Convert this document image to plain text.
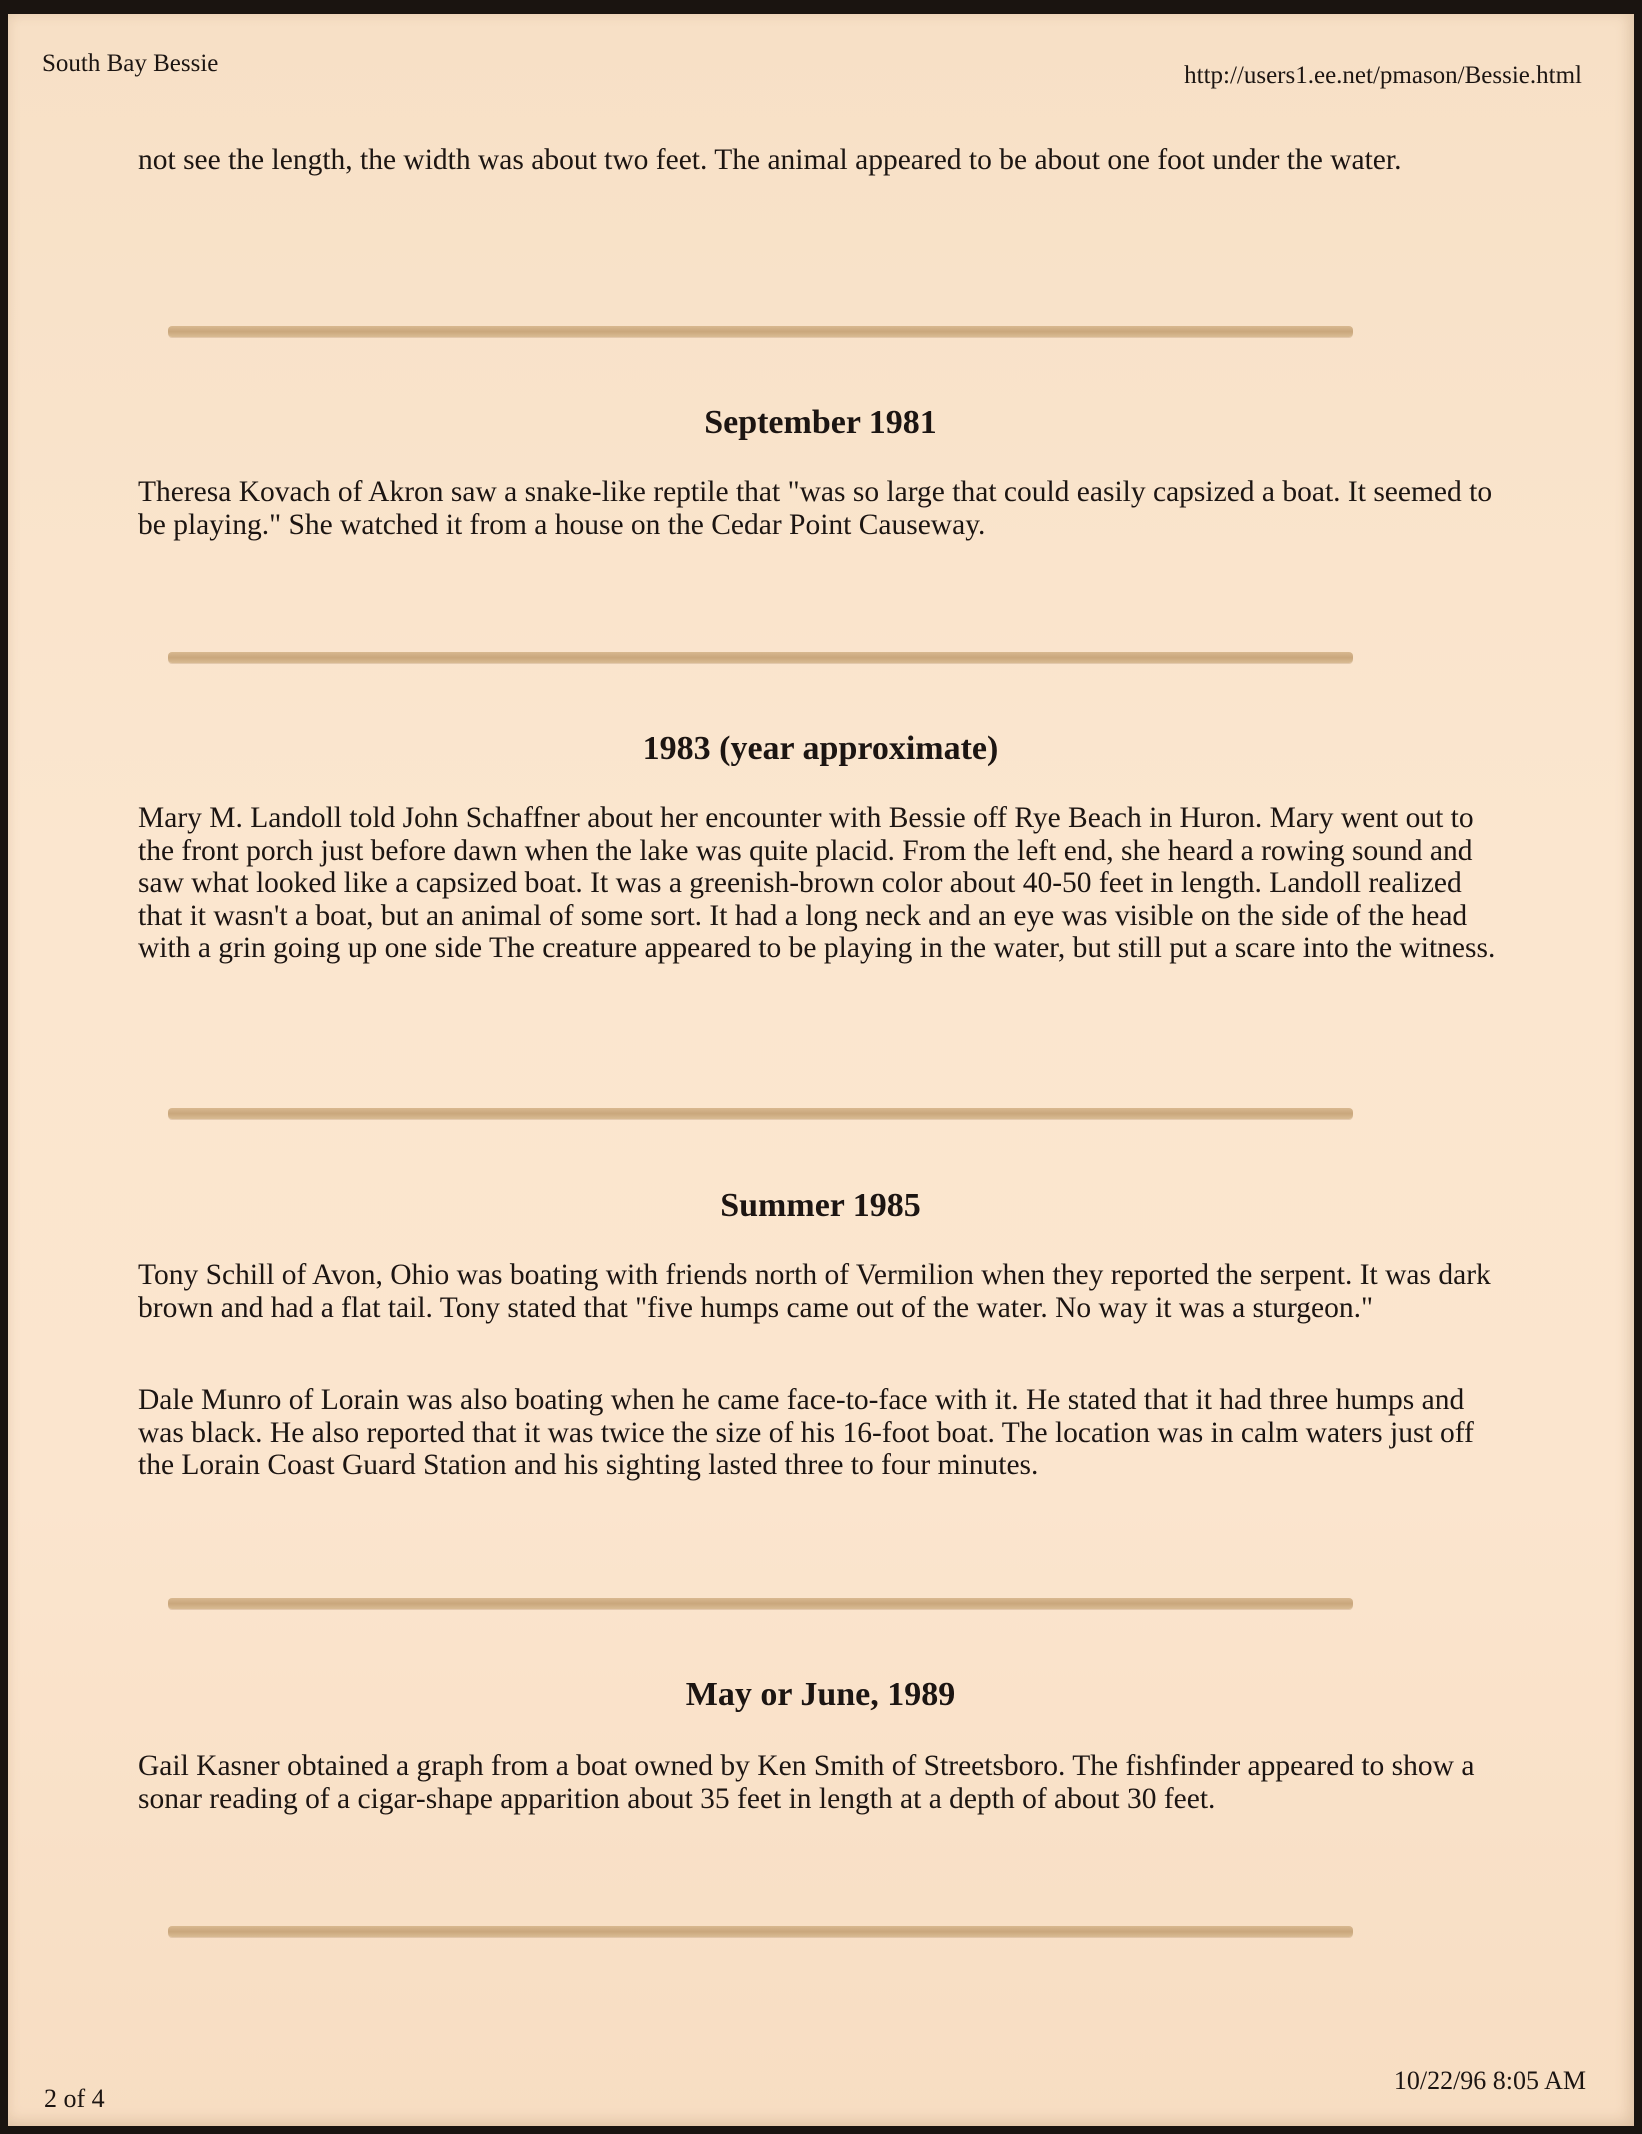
South Bay Bessie	http://users1.ee.net/pmason/Bessie.html

not see the length, the width was about two feet. The animal appeared to be about one foot under the water.

September 1981

Theresa Kovach of Akron saw a snake-like reptile that "was so large that could easily capsized a boat. It seemed to be playing." She watched it from a house on the Cedar Point Causeway.

1983 (year approximate)

Mary M. Landoll told John Schaffner about her encounter with Bessie off Rye Beach in Huron. Mary went out to the front porch just before dawn when the lake was quite placid. From the left end, she heard a rowing sound and saw what looked like a capsized boat. It was a greenish-brown color about 40-50 feet in length. Landoll realized that it wasn't a boat, but an animal of some sort. It had a long neck and an eye was visible on the side of the head with a grin going up one side The creature appeared to be playing in the water, but still put a scare into the witness.

Summer 1985

Tony Schill of Avon, Ohio was boating with friends north of Vermilion when they reported the serpent. It was dark brown and had a flat tail. Tony stated that "five humps came out of the water. No way it was a sturgeon."

Dale Munro of Lorain was also boating when he came face-to-face with it. He stated that it had three humps and was black. He also reported that it was twice the size of his 16-foot boat. The location was in calm waters just off the Lorain Coast Guard Station and his sighting lasted three to four minutes.

May or June, 1989

Gail Kasner obtained a graph from a boat owned by Ken Smith of Streetsboro. The fishfinder appeared to show a sonar reading of a cigar-shape apparition about 35 feet in length at a depth of about 30 feet.

2 of 4
10/22/96 8:05 AM
